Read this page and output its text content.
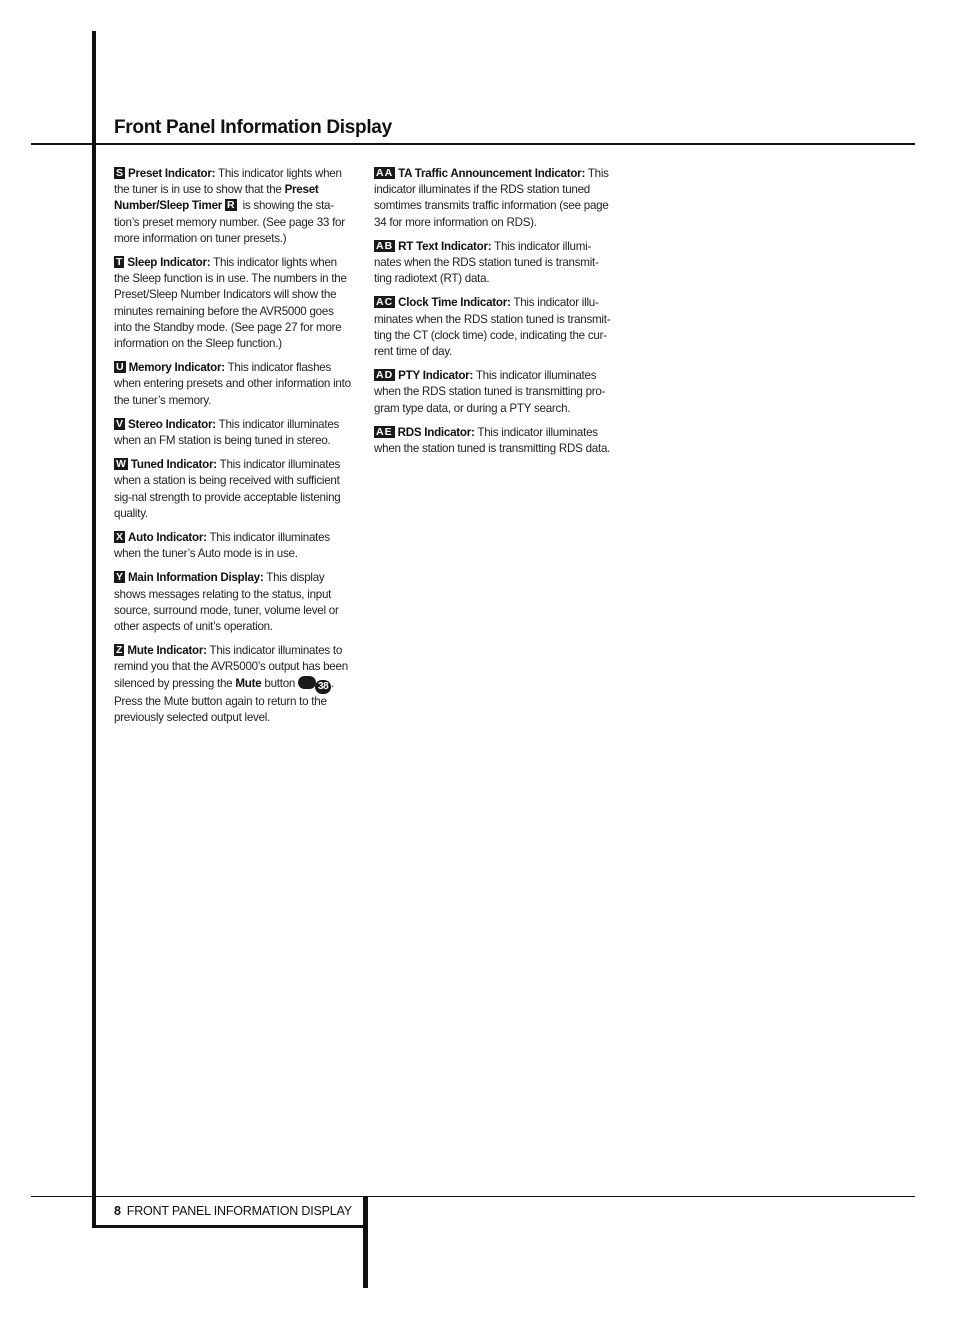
Front Panel Information Display

S Preset Indicator: This indicator lights when the tuner is in use to show that the Preset Number/Sleep Timer R is showing the sta-tion’s preset memory number. (See page 33 for more information on tuner presets.)

T Sleep Indicator: This indicator lights when the Sleep function is in use. The numbers in the Preset/Sleep Number Indicators will show the minutes remaining before the AVR5000 goes into the Standby mode. (See page 27 for more information on the Sleep function.)

U Memory Indicator: This indicator flashes when entering presets and other information into the tuner’s memory.

V Stereo Indicator: This indicator illuminates when an FM station is being tuned in stereo.

W Tuned Indicator: This indicator illuminates when a station is being received with sufficient sig-nal strength to provide acceptable listening quality.

X Auto Indicator: This indicator illuminates when the tuner’s Auto mode is in use.

Y Main Information Display: This display shows messages relating to the status, input source, surround mode, tuner, volume level or other aspects of unit’s operation.

Z Mute Indicator: This indicator illuminates to remind you that the AVR5000’s output has been silenced by pressing the Mute button 38 . Press the Mute button again to return to the previously selected output level.

AA TA Traffic Announcement Indicator: This indicator illuminates if the RDS station tuned somtimes transmits traffic information (see page 34 for more information on RDS).

AB RT Text Indicator: This indicator illumi-nates when the RDS station tuned is transmit-ting radiotext (RT) data.

AC Clock Time Indicator: This indicator illu-minates when the RDS station tuned is transmit-ting the CT (clock time) code, indicating the cur-rent time of day.

AD PTY Indicator: This indicator illuminates when the RDS station tuned is transmitting pro-gram type data, or during a PTY search.

AE RDS Indicator: This indicator illuminates when the station tuned is transmitting RDS data.

8 FRONT PANEL INFORMATION DISPLAY
